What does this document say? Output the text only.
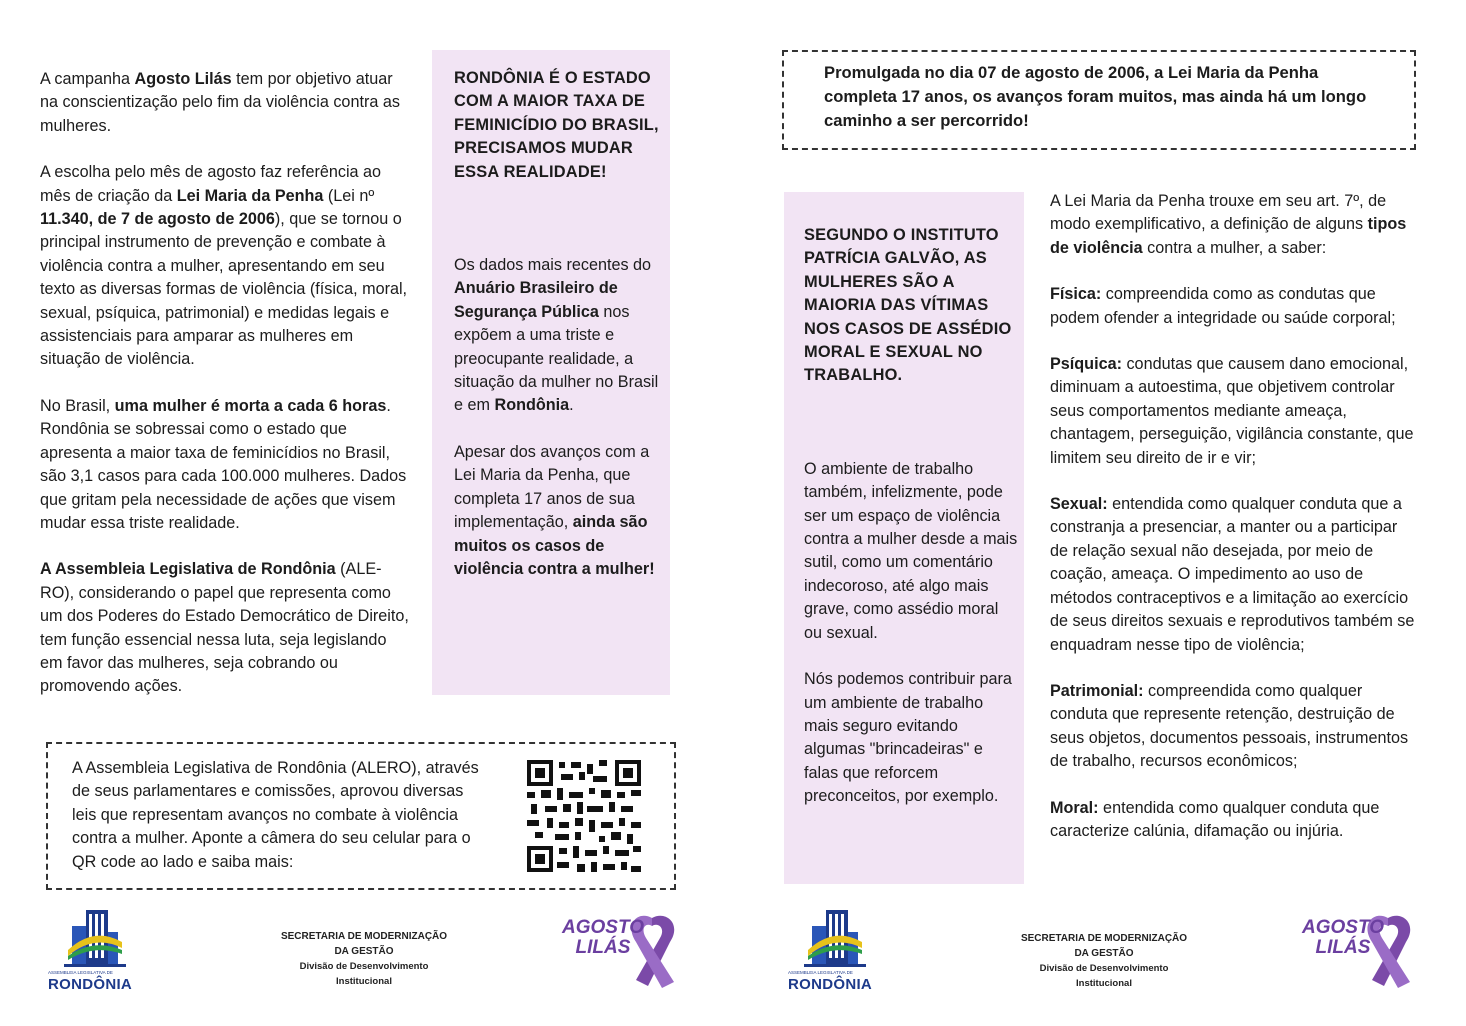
A campanha Agosto Lilás tem por objetivo atuar na conscientização pelo fim da violência contra as mulheres.

A escolha pelo mês de agosto faz referência ao mês de criação da Lei Maria da Penha (Lei nº 11.340, de 7 de agosto de 2006), que se tornou o principal instrumento de prevenção e combate à violência contra a mulher, apresentando em seu texto as diversas formas de violência (física, moral, sexual, psíquica, patrimonial) e medidas legais e assistenciais para amparar as mulheres em situação de violência.

No Brasil, uma mulher é morta a cada 6 horas. Rondônia se sobressai como o estado que apresenta a maior taxa de feminicídios no Brasil, são 3,1 casos para cada 100.000 mulheres. Dados que gritam pela necessidade de ações que visem mudar essa triste realidade.

A Assembleia Legislativa de Rondônia (ALE-RO), considerando o papel que representa como um dos Poderes do Estado Democrático de Direito, tem função essencial nessa luta, seja legislando em favor das mulheres, seja cobrando ou promovendo ações.

RONDÔNIA É O ESTADO COM A MAIOR TAXA DE FEMINICÍDIO DO BRASIL, PRECISAMOS MUDAR ESSA REALIDADE!

Os dados mais recentes do Anuário Brasileiro de Segurança Pública nos expõem a uma triste e preocupante realidade, a situação da mulher no Brasil e em Rondônia.

Apesar dos avanços com a Lei Maria da Penha, que completa 17 anos de sua implementação, ainda são muitos os casos de violência contra a mulher!

A Assembleia Legislativa de Rondônia (ALERO), através de seus parlamentares e comissões, aprovou diversas leis que representam avanços no combate à violência contra a mulher. Aponte a câmera do seu celular para o QR code ao lado e saiba mais:

ASSEMBLEIA LEGISLATIVA DE
RONDÔNIA
SECRETARIA DE MODERNIZAÇÃO
DA GESTÃO
Divisão de Desenvolvimento
Institucional
AGOSTO
LILÁS

Promulgada no dia 07 de agosto de 2006, a Lei Maria da Penha completa 17 anos, os avanços foram muitos, mas ainda há um longo caminho a ser percorrido!

SEGUNDO O INSTITUTO PATRÍCIA GALVÃO, AS MULHERES SÃO A MAIORIA DAS VÍTIMAS NOS CASOS DE ASSÉDIO MORAL E SEXUAL NO TRABALHO.

O ambiente de trabalho também, infelizmente, pode ser um espaço de violência contra a mulher desde a mais sutil, como um comentário indecoroso, até algo mais grave, como assédio moral ou sexual.

Nós podemos contribuir para um ambiente de trabalho mais seguro evitando algumas "brincadeiras" e falas que reforcem preconceitos, por exemplo.

A Lei Maria da Penha trouxe em seu art. 7º, de modo exemplificativo, a definição de alguns tipos de violência contra a mulher, a saber:

Física: compreendida como as condutas que podem ofender a integridade ou saúde corporal;

Psíquica: condutas que causem dano emocional, diminuam a autoestima, que objetivem controlar seus comportamentos mediante ameaça, chantagem, perseguição, vigilância constante, que limitem seu direito de ir e vir;

Sexual: entendida como qualquer conduta que a constranja a presenciar, a manter ou a participar de relação sexual não desejada, por meio de coação, ameaça. O impedimento ao uso de métodos contraceptivos e a limitação ao exercício de seus direitos sexuais e reprodutivos também se enquadram nesse tipo de violência;

Patrimonial: compreendida como qualquer conduta que represente retenção, destruição de seus objetos, documentos pessoais, instrumentos de trabalho, recursos econômicos;

Moral: entendida como qualquer conduta que caracterize calúnia, difamação ou injúria.

ASSEMBLEIA LEGISLATIVA DE
RONDÔNIA
SECRETARIA DE MODERNIZAÇÃO
DA GESTÃO
Divisão de Desenvolvimento
Institucional
AGOSTO
LILÁS
